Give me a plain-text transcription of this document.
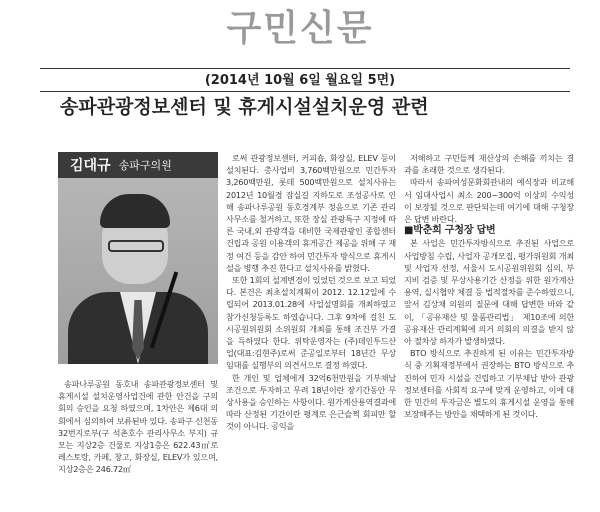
구민신문
(2014년 10월 6일 월요일 5면)
송파관광정보센터 및 휴게시설설치운영 관련
김대규 송파구의원

송파나루공원 동호내 송파관광정보센터 및 휴게시설 설치운영사업건에 관한 안건을 구의회의 승인을 요청 하였으며, 1차안은 제6대 의회에서 심의하여 보류된바 있다. 송파구 신천동32번지로부(구 석촌호수 관리사무소 부지) 규모는 지상2층 건물로 지상1층은 622.43㎡로 레스토랑, 카페, 창고, 화장실, ELEV가 있으며, 지상2층은 246.72㎡

로써 관광정보센터, 커피숍, 화장실, ELEV 등이 설치된다. 총사업비 3,760백만원으로 민간투자 3,260백만원, 롯데 500백만원으로 설치사유는 2012년 10월경 잠실길 지하도로 조성공사로 인해 송파나루공원 동호경계부 정음으로 기존 관리사무소를 철거하고, 또한 장실 관광특구 지정에 따른 국내,외 관광객을 대비한 국제관광인 종합센터 건립과 공원 이용객의 휴게공간 제공을 위해 구 재정 여건 등을 감안 하여 민간투자 방식으로 휴게시설을 병행 추진 한다고 설치사유를 밝혔다.

또한 1회의 설계변경이 있었던 것으로 보고 되었다. 본건은 최초설치계획이 2012. 12.12일에 수립되어 2013.01.28에 사업설명회를 개최하였고 참가신청등록도 하였습니다. 그후 9차에 걸친 도시공원위원회 소위원회 개최를 통해 조건부 가결을 득하였다 한다. 위탁운영자는 (주)데인투드산업(대표:김현주)로써 준공일로부터 18년간 무상임대를 실행부의 의견서으로 결정 하였다.

한 개인 및 업체에게 32억6천만원을 기부채납 조건으로 투자하고 무려 18년이란 장기간동안 무상사용을 승인하는 사항이다. 원가계산용역결과에 따라 산정된 기간이란 평계로 은근슬쩍 회피만 할 것이 아니다. 공익을

저해하고 구민들께 재산상의 손해를 끼치는 결과를 초래한 것으로 생각된다.

따라서 송파여성문화회관내의 예식장과 비교해서 임대사업시 최소 200~300억 이상의 수익성이 보장될 것으로 판단되는데 여기에 대해 구청장은 답변 바란다.

■박춘희 구청장 답변

본 사업은 민간투자방식으로 추진된 사업으로 사업방침 수립, 사업자 공개모집, 평가위원회 개최 및 사업자 선정, 서울시 도시공원위원회 심의, 부지비 검증 및 무상사용기간 산정을 위한 원가계산용역, 실시협약 체결 등 법적절차를 준수하였으니, 앞서 김상채 의원의 질문에 대해 답변한 바와 같이, 「공유재산 및 물품관리법」 제10조에 의한 공유재산 관리계획에 의거 의회의 의결을 받지 않아 절차상 하자가 발생하였다.

BTO 방식으로 추진하게 된 이유는 민간투자방식 중 기획재정부에서 권장하는 BTO 방식으로 추진하여 민자 시설을 건립하고 기부채납 받아 관광정보센터를 사회적 요구에 맞게 운영하고, 이에 대한 민간의 투자금은 별도의 휴게시설 운영을 통해 보장해주는 방안을 채택하게 된 것이다.
